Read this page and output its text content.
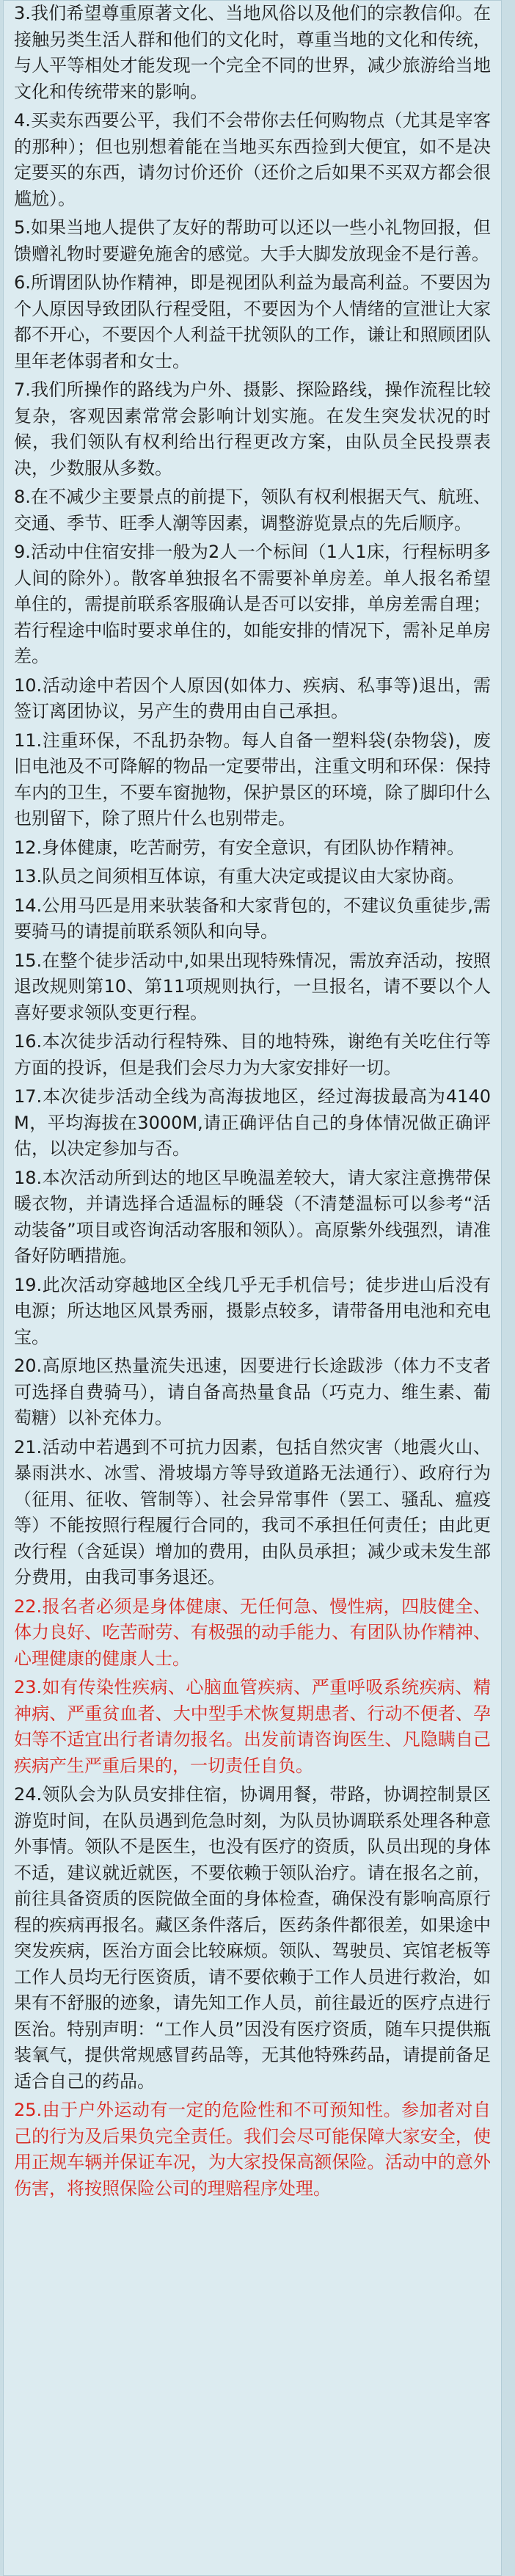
3.我们希望尊重原著文化、当地风俗以及他们的宗教信仰。在接触另类生活人群和他们的文化时，尊重当地的文化和传统，与人平等相处才能发现一个完全不同的世界，减少旅游给当地文化和传统带来的影响。

4.买卖东西要公平，我们不会带你去任何购物点（尤其是宰客的那种）；但也别想着能在当地买东西捡到大便宜，如不是决定要买的东西，请勿讨价还价（还价之后如果不买双方都会很尴尬）。

5.如果当地人提供了友好的帮助可以还以一些小礼物回报，但馈赠礼物时要避免施舍的感觉。大手大脚发放现金不是行善。

6.所谓团队协作精神，即是视团队利益为最高利益。不要因为个人原因导致团队行程受阻，不要因为个人情绪的宣泄让大家都不开心，不要因个人利益干扰领队的工作，谦让和照顾团队里年老体弱者和女士。

7.我们所操作的路线为户外、摄影、探险路线，操作流程比较复杂，客观因素常常会影响计划实施。在发生突发状况的时候，我们领队有权利给出行程更改方案，由队员全民投票表决，少数服从多数。

8.在不减少主要景点的前提下，领队有权利根据天气、航班、交通、季节、旺季人潮等因素，调整游览景点的先后顺序。

9.活动中住宿安排一般为2人一个标间（1人1床，行程标明多人间的除外）。散客单独报名不需要补单房差。单人报名希望单住的，需提前联系客服确认是否可以安排，单房差需自理；若行程途中临时要求单住的，如能安排的情况下，需补足单房差。

10.活动途中若因个人原因(如体力、疾病、私事等)退出，需签订离团协议，另产生的费用由自己承担。

11.注重环保，不乱扔杂物。每人自备一塑料袋(杂物袋)，废旧电池及不可降解的物品一定要带出，注重文明和环保：保持车内的卫生，不要车窗抛物，保护景区的环境，除了脚印什么也别留下，除了照片什么也别带走。

12.身体健康，吃苦耐劳，有安全意识，有团队协作精神。

13.队员之间须相互体谅，有重大决定或提议由大家协商。

14.公用马匹是用来驮装备和大家背包的，不建议负重徒步,需要骑马的请提前联系领队和向导。

15.在整个徒步活动中,如果出现特殊情况，需放弃活动，按照退改规则第10、第11项规则执行，一旦报名，请不要以个人喜好要求领队变更行程。

16.本次徒步活动行程特殊、目的地特殊，谢绝有关吃住行等方面的投诉，但是我们会尽力为大家安排好一切。

17.本次徒步活动全线为高海拔地区，经过海拔最高为4140M，平均海拔在3000M,请正确评估自己的身体情况做正确评估，以决定参加与否。

18.本次活动所到达的地区早晚温差较大，请大家注意携带保暖衣物，并请选择合适温标的睡袋（不清楚温标可以参考“活动装备”项目或咨询活动客服和领队）。高原紫外线强烈，请准备好防晒措施。

19.此次活动穿越地区全线几乎无手机信号；徒步进山后没有电源；所达地区风景秀丽，摄影点较多，请带备用电池和充电宝。

20.高原地区热量流失迅速，因要进行长途跋涉（体力不支者可选择自费骑马），请自备高热量食品（巧克力、维生素、葡萄糖）以补充体力。

21.活动中若遇到不可抗力因素，包括自然灾害（地震火山、暴雨洪水、冰雪、滑坡塌方等导致道路无法通行）、政府行为（征用、征收、管制等）、社会异常事件（罢工、骚乱、瘟疫等）不能按照行程履行合同的，我司不承担任何责任；由此更改行程（含延误）增加的费用，由队员承担；减少或未发生部分费用，由我司事务退还。

22.报名者必须是身体健康、无任何急、慢性病，四肢健全、体力良好、吃苦耐劳、有极强的动手能力、有团队协作精神、心理健康的健康人士。

23.如有传染性疾病、心脑血管疾病、严重呼吸系统疾病、精神病、严重贫血者、大中型手术恢复期患者、行动不便者、孕妇等不适宜出行者请勿报名。出发前请咨询医生、凡隐瞒自己疾病产生严重后果的，一切责任自负。

24.领队会为队员安排住宿，协调用餐，带路，协调控制景区游览时间，在队员遇到危急时刻，为队员协调联系处理各种意外事情。领队不是医生，也没有医疗的资质，队员出现的身体不适，建议就近就医，不要依赖于领队治疗。请在报名之前，前往具备资质的医院做全面的身体检查，确保没有影响高原行程的疾病再报名。藏区条件落后，医药条件都很差，如果途中突发疾病，医治方面会比较麻烦。领队、驾驶员、宾馆老板等工作人员均无行医资质，请不要依赖于工作人员进行救治，如果有不舒服的迹象，请先知工作人员，前往最近的医疗点进行医治。特别声明：“工作人员”因没有医疗资质，随车只提供瓶装氧气，提供常规感冒药品等，无其他特殊药品，请提前备足适合自己的药品。

25.由于户外运动有一定的危险性和不可预知性。参加者对自己的行为及后果负完全责任。我们会尽可能保障大家安全，使用正规车辆并保证车况，为大家投保高额保险。活动中的意外伤害，将按照保险公司的理赔程序处理。
